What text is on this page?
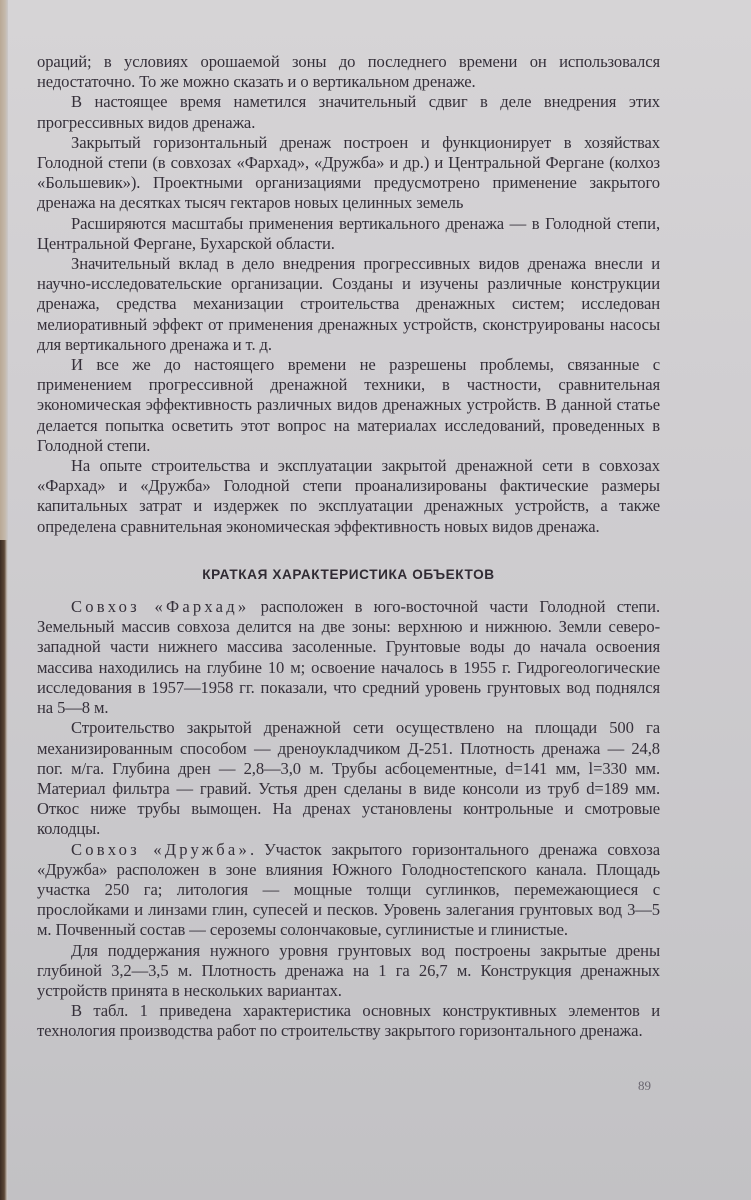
ораций; в условиях орошаемой зоны до последнего времени он использовался недостаточно. То же можно сказать и о вертикальном дренаже.

В настоящее время наметился значительный сдвиг в деле внедрения этих прогрессивных видов дренажа.

Закрытый горизонтальный дренаж построен и функционирует в хозяйствах Голодной степи (в совхозах «Фархад», «Дружба» и др.) и Центральной Фергане (колхоз «Большевик»). Проектными организациями предусмотрено применение закрытого дренажа на десятках тысяч гектаров новых целинных земель

Расширяются масштабы применения вертикального дренажа — в Голодной степи, Центральной Фергане, Бухарской области.

Значительный вклад в дело внедрения прогрессивных видов дренажа внесли и научно-исследовательские организации. Созданы и изучены различные конструкции дренажа, средства механизации строительства дренажных систем; исследован мелиоративный эффект от применения дренажных устройств, сконструированы насосы для вертикального дренажа и т. д.

И все же до настоящего времени не разрешены проблемы, связанные с применением прогрессивной дренажной техники, в частности, сравнительная экономическая эффективность различных видов дренажных устройств. В данной статье делается попытка осветить этот вопрос на материалах исследований, проведенных в Голодной степи.

На опыте строительства и эксплуатации закрытой дренажной сети в совхозах «Фархад» и «Дружба» Голодной степи проанализированы фактические размеры капитальных затрат и издержек по эксплуатации дренажных устройств, а также определена сравнительная экономическая эффективность новых видов дренажа.

КРАТКАЯ ХАРАКТЕРИСТИКА ОБЪЕКТОВ

Совхоз «Фархад» расположен в юго-восточной части Голодной степи. Земельный массив совхоза делится на две зоны: верхнюю и нижнюю. Земли северо-западной части нижнего массива засоленные. Грунтовые воды до начала освоения массива находились на глубине 10 м; освоение началось в 1955 г. Гидрогеологические исследования в 1957—1958 гг. показали, что средний уровень грунтовых вод поднялся на 5—8 м.

Строительство закрытой дренажной сети осуществлено на площади 500 га механизированным способом — дреноукладчиком Д-251. Плотность дренажа — 24,8 пог. м/га. Глубина дрен — 2,8—3,0 м. Трубы асбоцементные, d=141 мм, l=330 мм. Материал фильтра — гравий. Устья дрен сделаны в виде консоли из труб d=189 мм. Откос ниже трубы вымощен. На дренах установлены контрольные и смотровые колодцы.

Совхоз «Дружба». Участок закрытого горизонтального дренажа совхоза «Дружба» расположен в зоне влияния Южного Голодностепского канала. Площадь участка 250 га; литология — мощные толщи суглинков, перемежающиеся с прослойками и линзами глин, супесей и песков. Уровень залегания грунтовых вод 3—5 м. Почвенный состав — сероземы солончаковые, суглинистые и глинистые.

Для поддержания нужного уровня грунтовых вод построены закрытые дрены глубиной 3,2—3,5 м. Плотность дренажа на 1 га 26,7 м. Конструкция дренажных устройств принята в нескольких вариантах.

В табл. 1 приведена характеристика основных конструктивных элементов и технология производства работ по строительству закрытого горизонтального дренажа.

89
